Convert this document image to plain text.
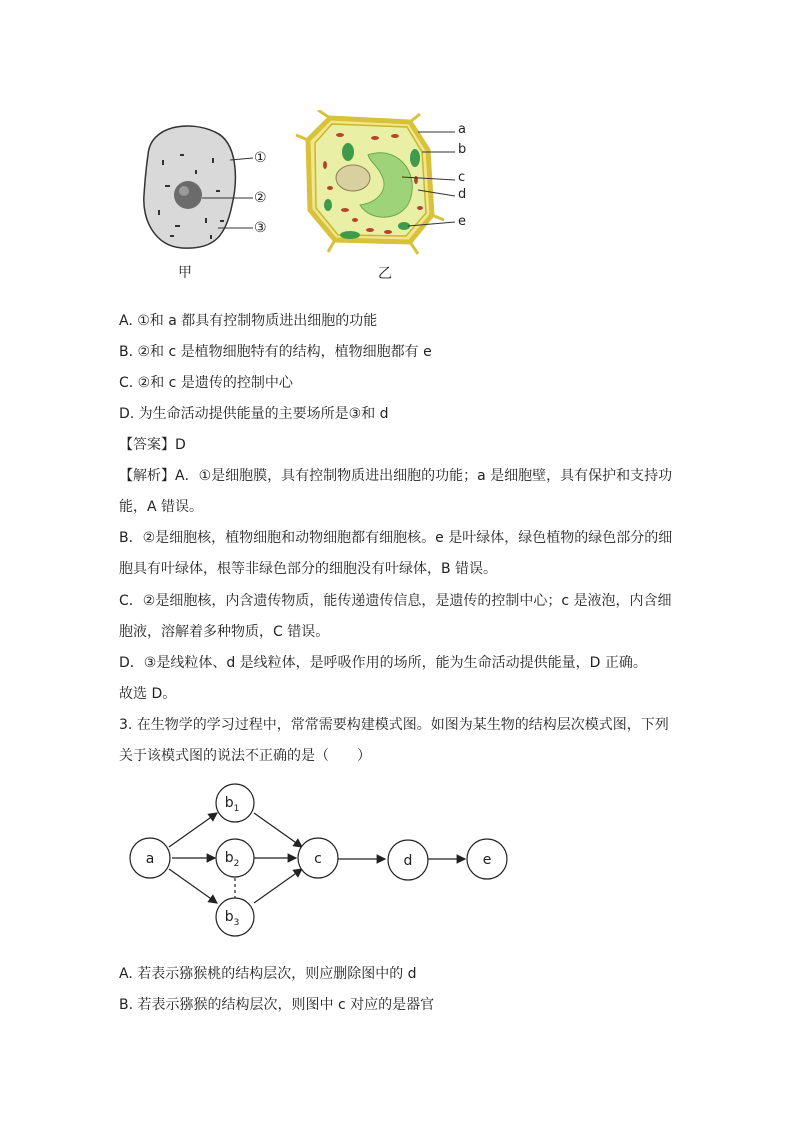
①
②
③
a
b
c
d
e
甲	乙
A. ①和 a 都具有控制物质进出细胞的功能
B. ②和 c 是植物细胞特有的结构，植物细胞都有 e
C. ②和 c 是遗传的控制中心
D. 为生命活动提供能量的主要场所是③和 d
【答案】D
【解析】A．①是细胞膜，具有控制物质进出细胞的功能；a 是细胞壁，具有保护和支持功
能，A 错误。
B．②是细胞核，植物细胞和动物细胞都有细胞核。e 是叶绿体，绿色植物的绿色部分的细
胞具有叶绿体，根等非绿色部分的细胞没有叶绿体，B 错误。
C．②是细胞核，内含遗传物质，能传递遗传信息，是遗传的控制中心；c 是液泡，内含细
胞液，溶解着多种物质，C 错误。
D．③是线粒体、d 是线粒体，是呼吸作用的场所，能为生命活动提供能量，D 正确。
故选 D。
3. 在生物学的学习过程中，常常需要构建模式图。如图为某生物的结构层次模式图，下列
关于该模式图的说法不正确的是（　　）
a
$b_1$
$b_2$
$b_3$
c	d	e
A. 若表示猕猴桃的结构层次，则应删除图中的 d
B. 若表示猕猴的结构层次，则图中 c 对应的是器官
